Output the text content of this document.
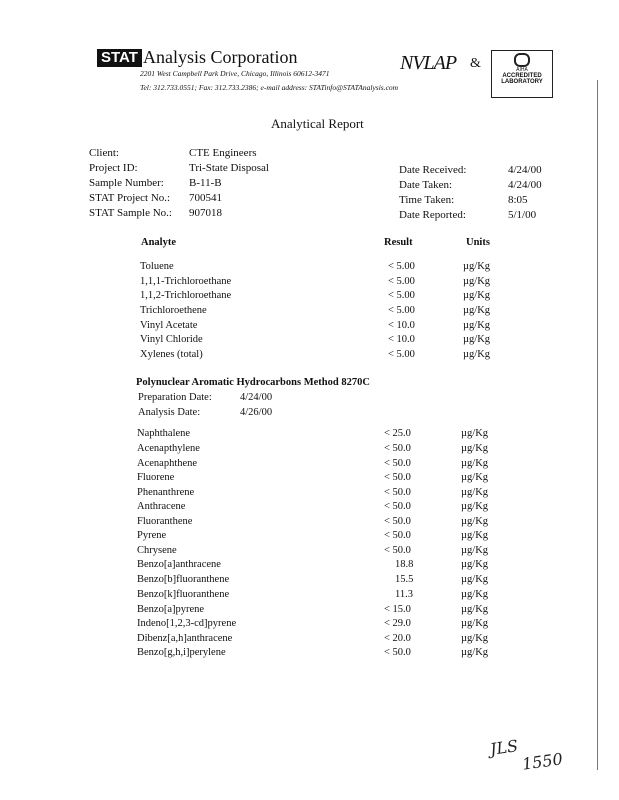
STAT Analysis Corporation
2201 West Campbell Park Drive, Chicago, Illinois 60612-3471
Tel: 312.733.0551; Fax: 312.733.2386; e-mail address: STATinfo@STATAnalysis.com
NVLAP &	AIHA
ACCREDITED
LABORATORY
Analytical Report
Client:	CTE Engineers
Project ID:	Tri-State Disposal
Sample Number: B-11-B
STAT Project No.: 700541
STAT Sample No.: 907018
Date Received:	4/24/00
Date Taken:	4/24/00
Time Taken:	8:05
Date Reported:	5/1/00
Analyte	Result	Units
Toluene	< 5.00	µg/Kg
1,1,1-Trichloroethane	< 5.00	µg/Kg
1,1,2-Trichloroethane	< 5.00	µg/Kg
Trichloroethene	< 5.00	µg/Kg
Vinyl Acetate	< 10.0	µg/Kg
Vinyl Chloride	< 10.0	µg/Kg
Xylenes (total)	< 5.00	µg/Kg
Polynuclear Aromatic Hydrocarbons Method 8270C
Preparation Date:	4/24/00
Analysis Date:	4/26/00
Naphthalene	< 25.0	µg/Kg
Acenapthylene	< 50.0	µg/Kg
Acenaphthene	< 50.0	µg/Kg
Fluorene	< 50.0	µg/Kg
Phenanthrene	< 50.0	µg/Kg
Anthracene	< 50.0	µg/Kg
Fluoranthene	< 50.0	µg/Kg
Pyrene	< 50.0	µg/Kg
Chrysene	< 50.0	µg/Kg
Benzo[a]anthracene	18.8	µg/Kg
Benzo[b]fluoranthene	15.5	µg/Kg
Benzo[k]fluoranthene	11.3	µg/Kg
Benzo[a]pyrene	< 15.0	µg/Kg
Indeno[1,2,3-cd]pyrene	< 29.0	µg/Kg
Dibenz[a,h]anthracene	< 20.0	µg/Kg
Benzo[g,h,i]perylene	< 50.0	µg/Kg
JLS
1550
